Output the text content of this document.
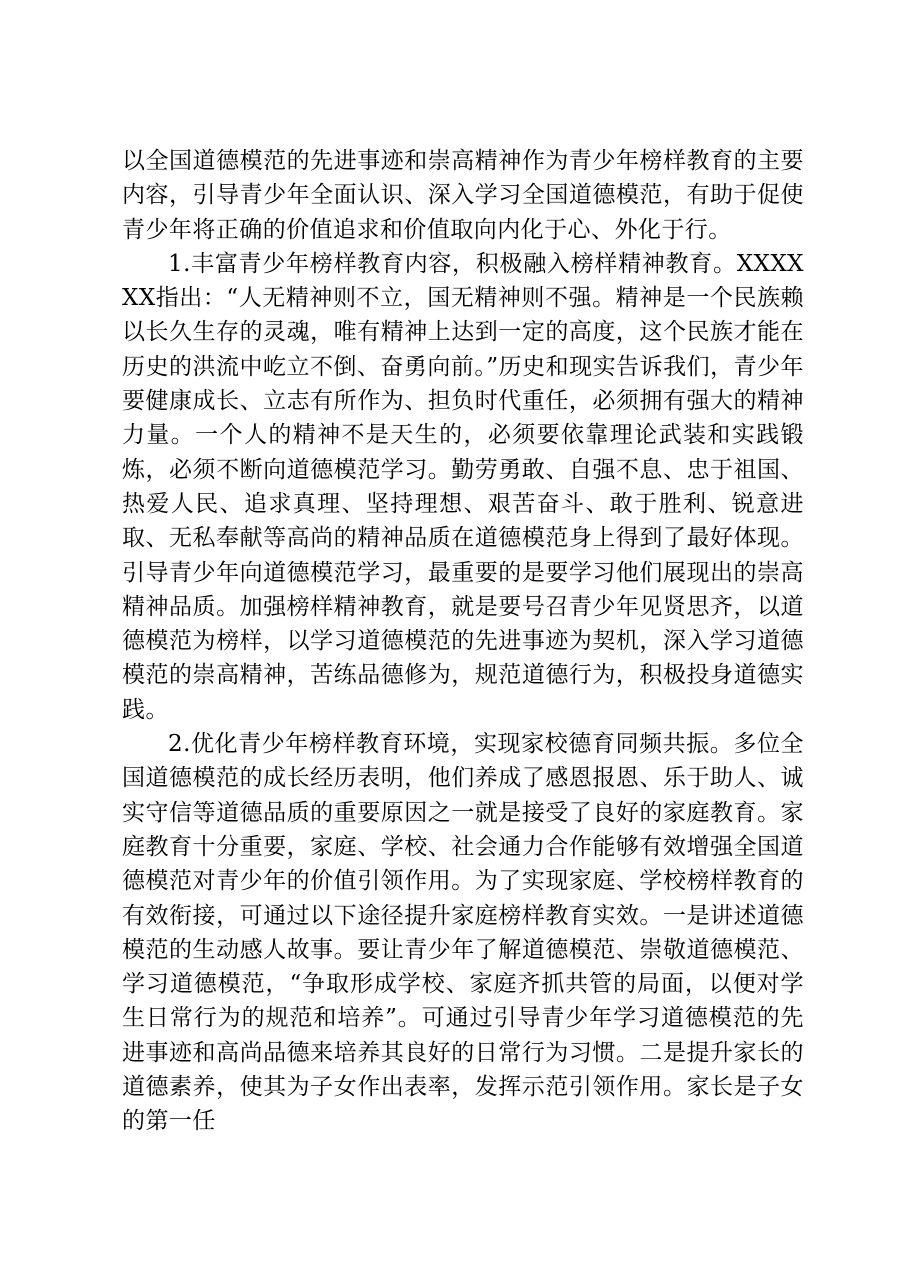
以全国道德模范的先进事迹和崇高精神作为青少年榜样教育的主要内容，引导青少年全面认识、深入学习全国道德模范，有助于促使青少年将正确的价值追求和价值取向内化于心、外化于行。

1.丰富青少年榜样教育内容，积极融入榜样精神教育。XXXXXX指出：“人无精神则不立，国无精神则不强。精神是一个民族赖以长久生存的灵魂，唯有精神上达到一定的高度，这个民族才能在历史的洪流中屹立不倒、奋勇向前。”历史和现实告诉我们，青少年要健康成长、立志有所作为、担负时代重任，必须拥有强大的精神力量。一个人的精神不是天生的，必须要依靠理论武装和实践锻炼，必须不断向道德模范学习。勤劳勇敢、自强不息、忠于祖国、热爱人民、追求真理、坚持理想、艰苦奋斗、敢于胜利、锐意进取、无私奉献等高尚的精神品质在道德模范身上得到了最好体现。引导青少年向道德模范学习，最重要的是要学习他们展现出的崇高精神品质。加强榜样精神教育，就是要号召青少年见贤思齐，以道德模范为榜样，以学习道德模范的先进事迹为契机，深入学习道德模范的崇高精神，苦练品德修为，规范道德行为，积极投身道德实践。

2.优化青少年榜样教育环境，实现家校德育同频共振。多位全国道德模范的成长经历表明，他们养成了感恩报恩、乐于助人、诚实守信等道德品质的重要原因之一就是接受了良好的家庭教育。家庭教育十分重要，家庭、学校、社会通力合作能够有效增强全国道德模范对青少年的价值引领作用。为了实现家庭、学校榜样教育的有效衔接，可通过以下途径提升家庭榜样教育实效。一是讲述道德模范的生动感人故事。要让青少年了解道德模范、崇敬道德模范、学习道德模范，“争取形成学校、家庭齐抓共管的局面，以便对学生日常行为的规范和培养”。可通过引导青少年学习道德模范的先进事迹和高尚品德来培养其良好的日常行为习惯。二是提升家长的道德素养，使其为子女作出表率，发挥示范引领作用。家长是子女的第一任
